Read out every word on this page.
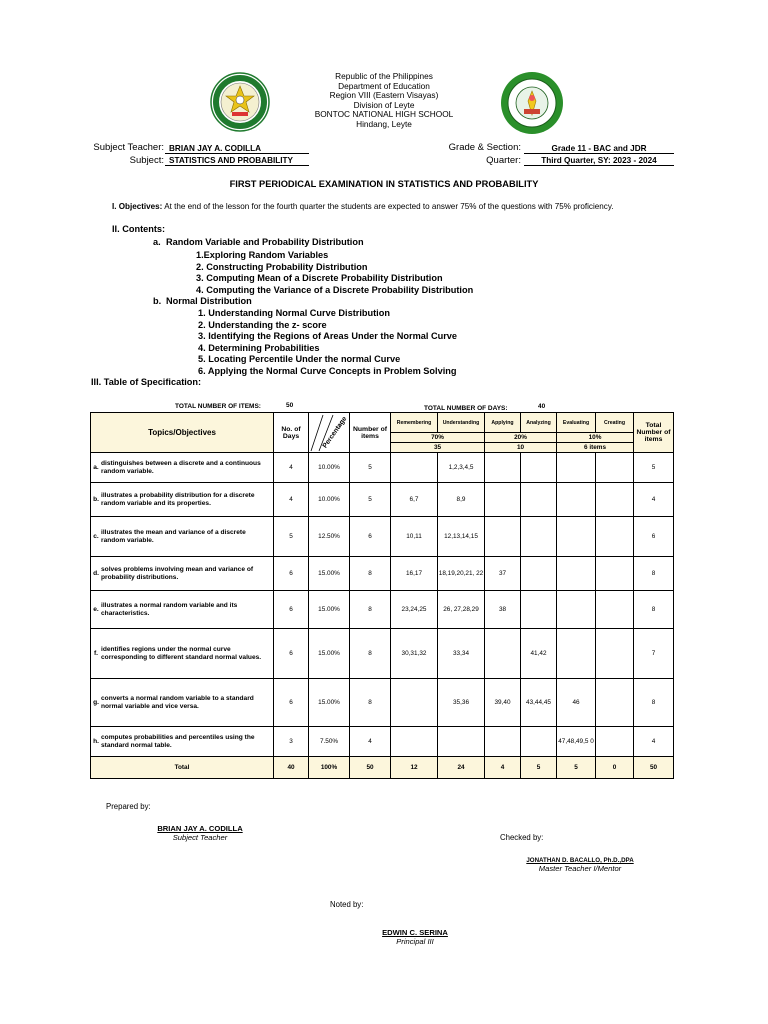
Republic of the Philippines
Department of Education
Region VIII (Eastern Visayas)
Division of Leyte
BONTOC NATIONAL HIGH SCHOOL
Hindang, Leyte
Subject Teacher: BRIAN JAY A. CODILLA
Subject: STATISTICS AND PROBABILITY
Grade & Section:	Grade 11 - BAC and JDR
Quarter:	Third Quarter, SY: 2023 - 2024
FIRST PERIODICAL EXAMINATION IN STATISTICS AND PROBABILITY
I. Objectives: At the end of the lesson for the fourth quarter the students are expected to answer 75% of the questions with 75% proficiency.
II. Contents:
a. Random Variable and Probability Distribution
1.Exploring Random Variables
2. Constructing Probability Distribution
3. Computing Mean of a Discrete Probability Distribution
4. Computing the Variance of a Discrete Probability Distribution
b. Normal Distribution
1. Understanding Normal Curve Distribution
2. Understanding the z- score
3. Identifying the Regions of Areas Under the Normal Curve
4. Determining Probabilities
5. Locating Percentile Under the normal Curve
6. Applying the Normal Curve Concepts in Problem Solving
III. Table of Specification:
TOTAL NUMBER OF ITEMS:	50	TOTAL NUMBER OF DAYS:	40
Topics/Objectives	No. of Days	Percentage	Number of items	Remembering	Understanding	Applying	Analyzing	Evaluating	Creating	Total Number of items
				70%		20%		10%		
				35		10		6 items		
a.distinguishes between a discrete and a continuous random variable.	4	10.00%	5		1,2,3,4,5					5
b.illustrates a probability distribution for a discrete random variable and its properties.	4	10.00%	5	6,7	8,9					4
c.illustrates the mean and variance of a discrete random variable.	5	12.50%	6	10,11	12,13,14,15					6
d.solves problems involving mean and variance of probability distributions.	6	15.00%	8	16,17	18,19,20,21, 22	37				8
e.illustrates a normal random variable and its characteristics.	6	15.00%	8	23,24,25	26, 27,28,29	38				8
f.identifies regions under the normal curve corresponding to different standard normal values.	6	15.00%	8	30,31,32	33,34		41,42			7
g.converts a normal random variable to a standard normal variable and vice versa.	6	15.00%	8		35,36	39,40	43,44,45	46		8
h.computes probabilities and percentiles using the standard normal table.	3	7.50%	4					47,48,49,5 0		4
Total	40	100%	50	12	24	4	5	5	0	50
Prepared by:
BRIAN JAY A. CODILLA
Subject Teacher	Checked by:
JONATHAN D. BACALLO, Ph.D.,DPA
Master Teacher I/Mentor
Noted by:
EDWIN C. SERINA
Principal III
